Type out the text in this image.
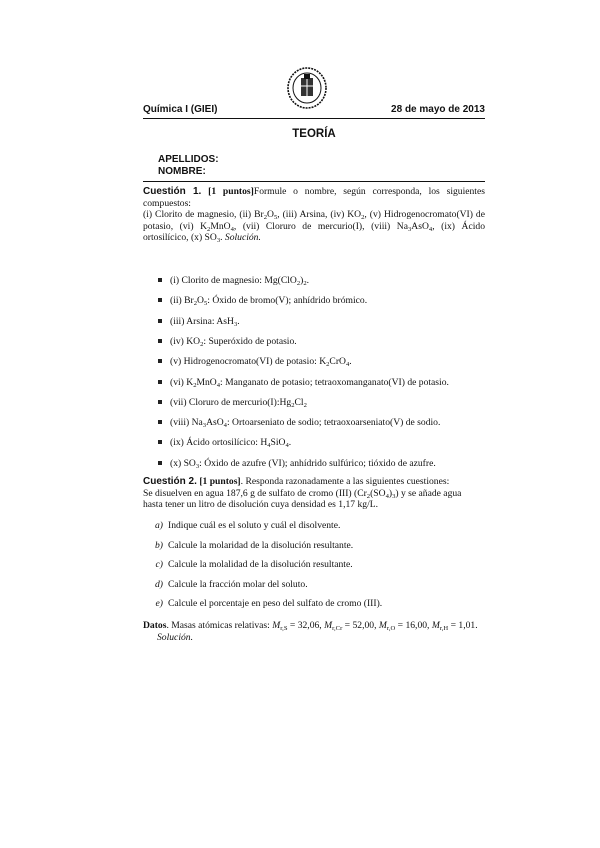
Química I (GIEI)	28 de mayo de 2013
TEORÍA
APELLIDOS:
NOMBRE:
Cuestión 1. [1 puntos]Formule o nombre, según corresponda, los siguientes compuestos:
(i) Clorito de magnesio, (ii) $Br_2O_5$, (iii) Arsina, (iv) $KO_2$, (v) Hidrogenocromato(VI) de potasio, (vi) $K_2MnO_4$, (vii) Cloruro de mercurio(I), (viii) $Na_3AsO_4$, (ix) Ácido ortosilícico, (x) $SO_3$. Solución.
(i) Clorito de magnesio: $Mg(ClO_2)_2$.
(ii) $Br_2O_5$: Óxido de bromo(V); anhídrido brómico.
(iii) Arsina: AsH$_3$.
(iv) $KO_2$: Superóxido de potasio.
(v) Hidrogenocromato(VI) de potasio: $K_2CrO_4$.
(vi) $K_2MnO_4$: Manganato de potasio; tetraoxomanganato(VI) de potasio.
(vii) Cloruro de $mercurio(I):Hg_2Cl_2$
(viii) $Na_3AsO_4$: Ortoarseniato de sodio; tetraoxoarseniato(V) de sodio.
(ix) Ácido ortosilícico: $H_4SiO_4$.
(x) $SO_3$: Óxido de azufre (VI); anhídrido sulfúrico; tióxido de azufre.
Cuestión 2. [1 puntos]. Responda razonadamente a las siguientes cuestiones:
Se disuelven en agua 187,6 g de sulfato de cromo (III) $(Cr_2(SO_4)_3)$ y se añade agua
hasta tener un litro de disolución cuya densidad es 1,17 kg/L.
a) Indique cuál es el soluto y cuál el disolvente.
b) Calcule la molaridad de la disolución resultante.
c) Calcule la molalidad de la disolución resultante.
d) Calcule la fracción molar del soluto.
e) Calcule el porcentaje en peso del sulfato de cromo (III).
Datos. Masas atómicas relativas: $M_{r,S} = 32,06$, $M_{r,Cr} = 52,00$, $M_{r,O} = 16,00$, $M_{r,H} = 1,01$.
Solución.
